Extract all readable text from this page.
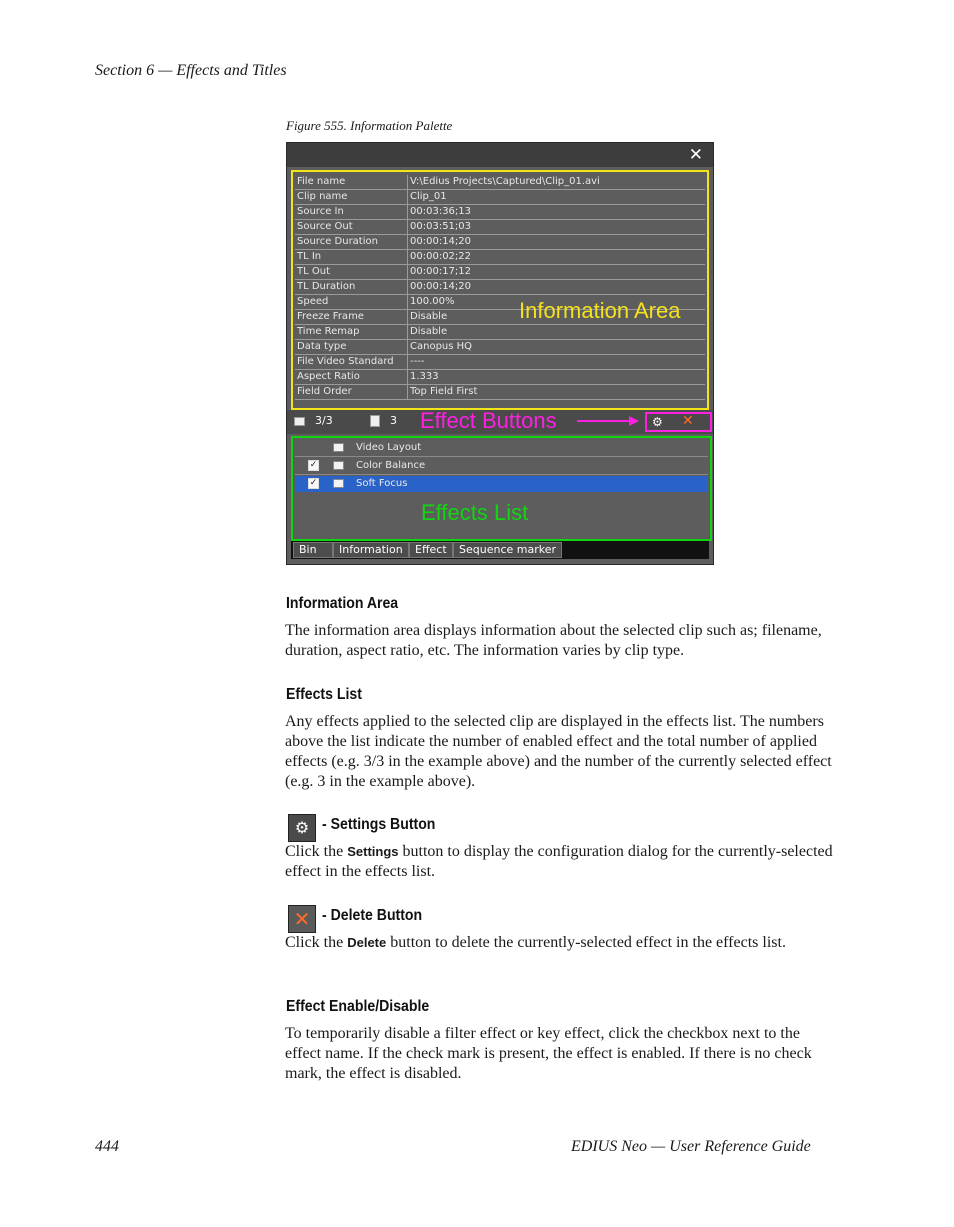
Section 6 — Effects and Titles
Figure 555. Information Palette
✕
File name	V:\Edius Projects\Captured\Clip_01.avi
Clip name	Clip_01
Source In	00:03:36;13
Source Out	00:03:51;03
Source Duration	00:00:14;20
TL In	00:00:02;22
TL Out	00:00:17;12
TL Duration	00:00:14;20
Speed	100.00%
Freeze Frame	Disable
Time Remap	Disable
Data type	Canopus HQ
File Video Standard	----
Aspect Ratio	1.333
Field Order	Top Field First
Information Area
3/3	3 Effect Buttons	⚙ ✕
Video Layout
✓	Color Balance
✓	Soft Focus
Effects List
Bin	Information	Effect	Sequence marker
Information Area

The information area displays information about the selected clip such as; filename, duration, aspect ratio, etc. The information varies by clip type.

Effects List

Any effects applied to the selected clip are displayed in the effects list. The numbers above the list indicate the number of enabled effect and the total number of applied effects (e.g. 3/3 in the example above) and the number of the currently selected effect (e.g. 3 in the example above).

⚙ - Settings Button

Click the Settings button to display the configuration dialog for the currently-selected effect in the effects list.

✕ - Delete Button

Click the Delete button to delete the currently-selected effect in the effects list.

Effect Enable/Disable

To temporarily disable a filter effect or key effect, click the checkbox next to the effect name. If the check mark is present, the effect is enabled. If there is no check mark, the effect is disabled.

444	EDIUS Neo — User Reference Guide
